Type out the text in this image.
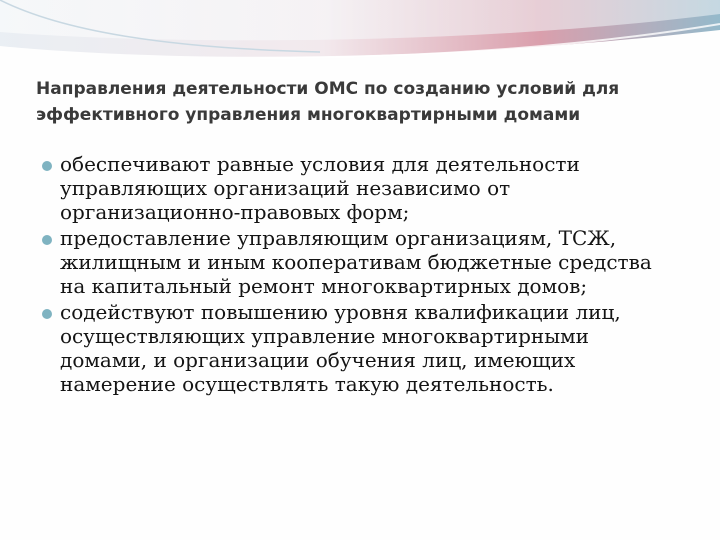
Направления деятельности ОМС по созданию условий для эффективного управления многоквартирными домами
обеспечивают равные условия для деятельности управляющих организаций независимо от организационно-правовых форм;
предоставление управляющим организациям, ТСЖ, жилищным и иным кооперативам бюджетные средства на капитальный ремонт многоквартирных домов;
содействуют повышению уровня квалификации лиц, осуществляющих управление многоквартирными домами, и организации обучения лиц, имеющих намерение осуществлять такую деятельность.
